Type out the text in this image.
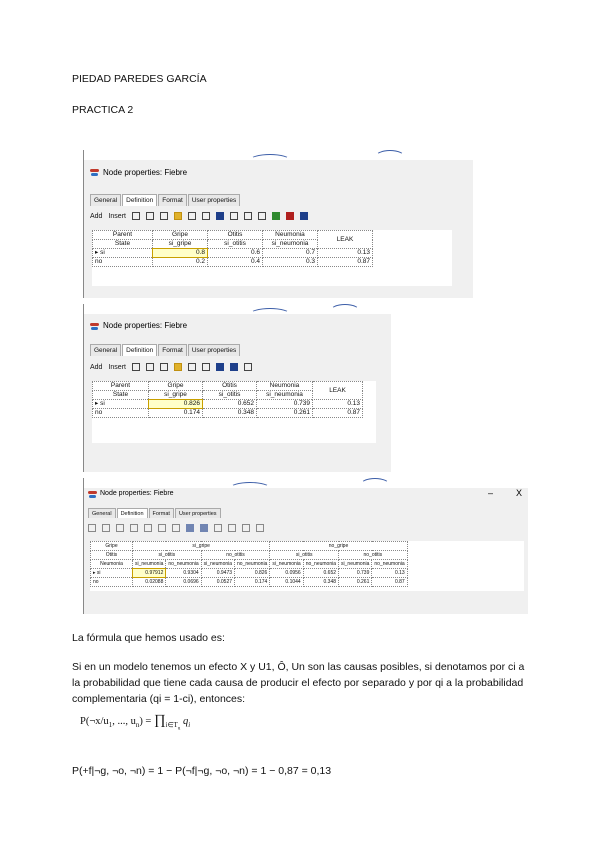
PIEDAD PAREDES GARCÍA
PRACTICA 2
Node properties: Fiebre
General	Definition	Format	User properties
Add Insert
Parent	Gripe	Otitis	Neumonia	LEAK
State	si_gripe	si_otitis	si_neumonia	
▸ si	0.8	0.6	0.7	0.13
no	0.2	0.4	0.3	0.87
Node properties: Fiebre
General	Definition	Format	User properties
Add Insert
Parent	Gripe	Otitis	Neumonia	LEAK
State	si_gripe	si_otitis	si_neumonia	
▸ si	0.826	0.652	0.739	0.13
no	0.174	0.348	0.261	0.87
Node properties: Fiebre	–	X
General	Definition	Format	User properties
Gripe	si_gripe				no_gripe			
Otitis	si_otitis		no_otitis		si_otitis		no_otitis	
Neumonia	si_neumonia	no_neumonia	si_neumonia	no_neumonia	si_neumonia	no_neumonia	si_neumonia	no_neumonia
▸ si	0.97912	0.9304	0.9473	0.826	0.0956	0.652	0.739	0.13
no	0.02088	0.0696	0.0527	0.174	0.1044	0.348	0.261	0.87
La fórmula que hemos usado es:
Si en un modelo tenemos un efecto X y U1, Ô, Un son las causas posibles, si denotamos por ci a la probabilidad que tiene cada causa de producir el efecto por separado y por qi a la probabilidad complementaria (qi = 1-ci), entonces:
$P(\neg x/u_1$, ..., $u_n$) = $\prod_{i\in T_u}$ $q_i$
P(+f|¬g, ¬o, ¬n) = 1 − P(¬f|¬g, ¬o, ¬n) = 1 − 0,87 = 0,13
